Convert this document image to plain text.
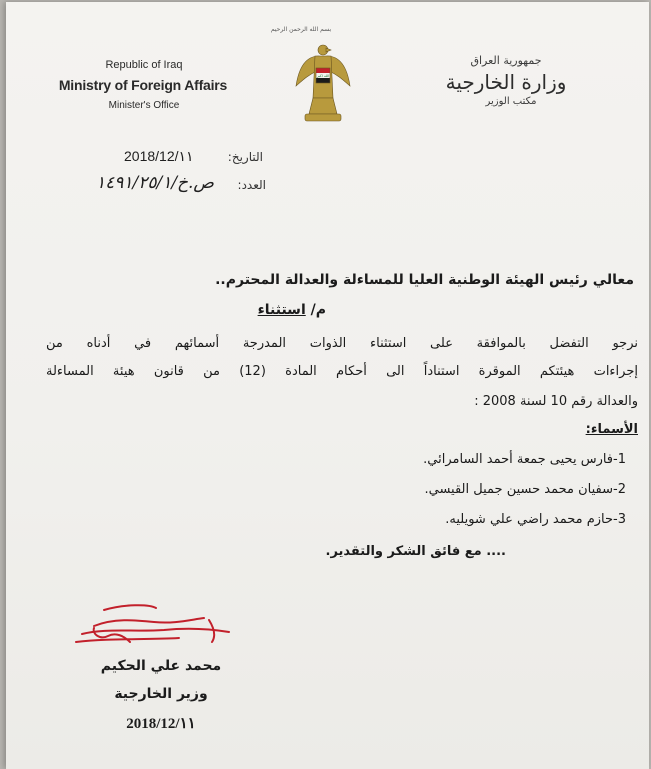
بسم الله الرحمن الرحيم
Republic of Iraq
Ministry of Foreign Affairs
Minister's Office
الله اكبر
جمهورية العراق
وزارة الخارجية
مكتب الوزير
التاريخ:
2018/12/١١
العدد:
ص.خ/١٤٩١/٢٥/١
معالي رئيس الهيئة الوطنية العليا للمساءلة والعدالة المحترم..
م/ استثناء
نرجو التفضل بالموافقة على استثناء الذوات المدرجة أسمائهم في أدناه من
إجراءات هيئتكم الموقرة استناداً الى أحكام المادة (12) من قانون هيئة المساءلة
والعدالة رقم 10 لسنة 2008 :
الأسماء:
1-فارس يحيى جمعة أحمد السامرائي.
2-سفيان محمد حسين جميل القيسي.
3-حازم محمد راضي علي شويليه.
.... مع فائق الشكر والتقدير.
محمد علي الحكيم
وزير الخارجية
2018/12/١١
